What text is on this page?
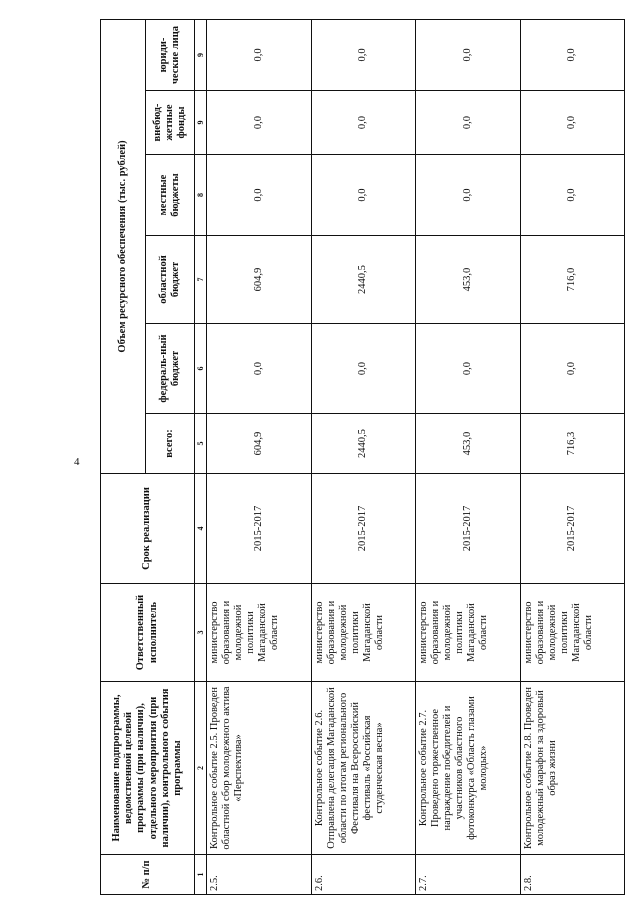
4
№ п/п	Наименование подпрограммы, ведомственной целевой программы (при наличии), отдельного мероприятия (при наличии), контрольного события программы	Ответственный исполнитель	Срок реализации	Объем ресурсного обеспечения (тыс. рублей)					
				всего:	федераль-ный бюджет	областной бюджет	местные бюджеты	внебюд-жетные фонды	юриди-ческие лица
1	2	3	4	5	6	7	8	9	9
2.5.	Контрольное событие 2.5. Проведен областной сбор молодежного актива «Перспектива»	министерство образования и молодежной политики Магаданской области	2015-2017	604,9	0,0	604,9	0,0	0,0	0,0
2.6.	Контрольное событие 2.6. Отправлена делегация Магаданской области по итогам регионального Фестиваля на Всероссийский фестиваль «Российская студенческая весна»	министерство образования и молодежной политики Магаданской области	2015-2017	2440,5	0,0	2440,5	0,0	0,0	0,0
2.7.	Контрольное событие 2.7. Проведено торжественное награждение победителей и участников областного фотоконкурса «Область глазами молодых»	министерство образования и молодежной политики Магаданской области	2015-2017	453,0	0,0	453,0	0,0	0,0	0,0
2.8.	Контрольное событие 2.8. Проведен молодежный марафон за здоровый образ жизни	министерство образования и молодежной политики Магаданской области	2015-2017	716,3	0,0	716,0	0,0	0,0	0,0
